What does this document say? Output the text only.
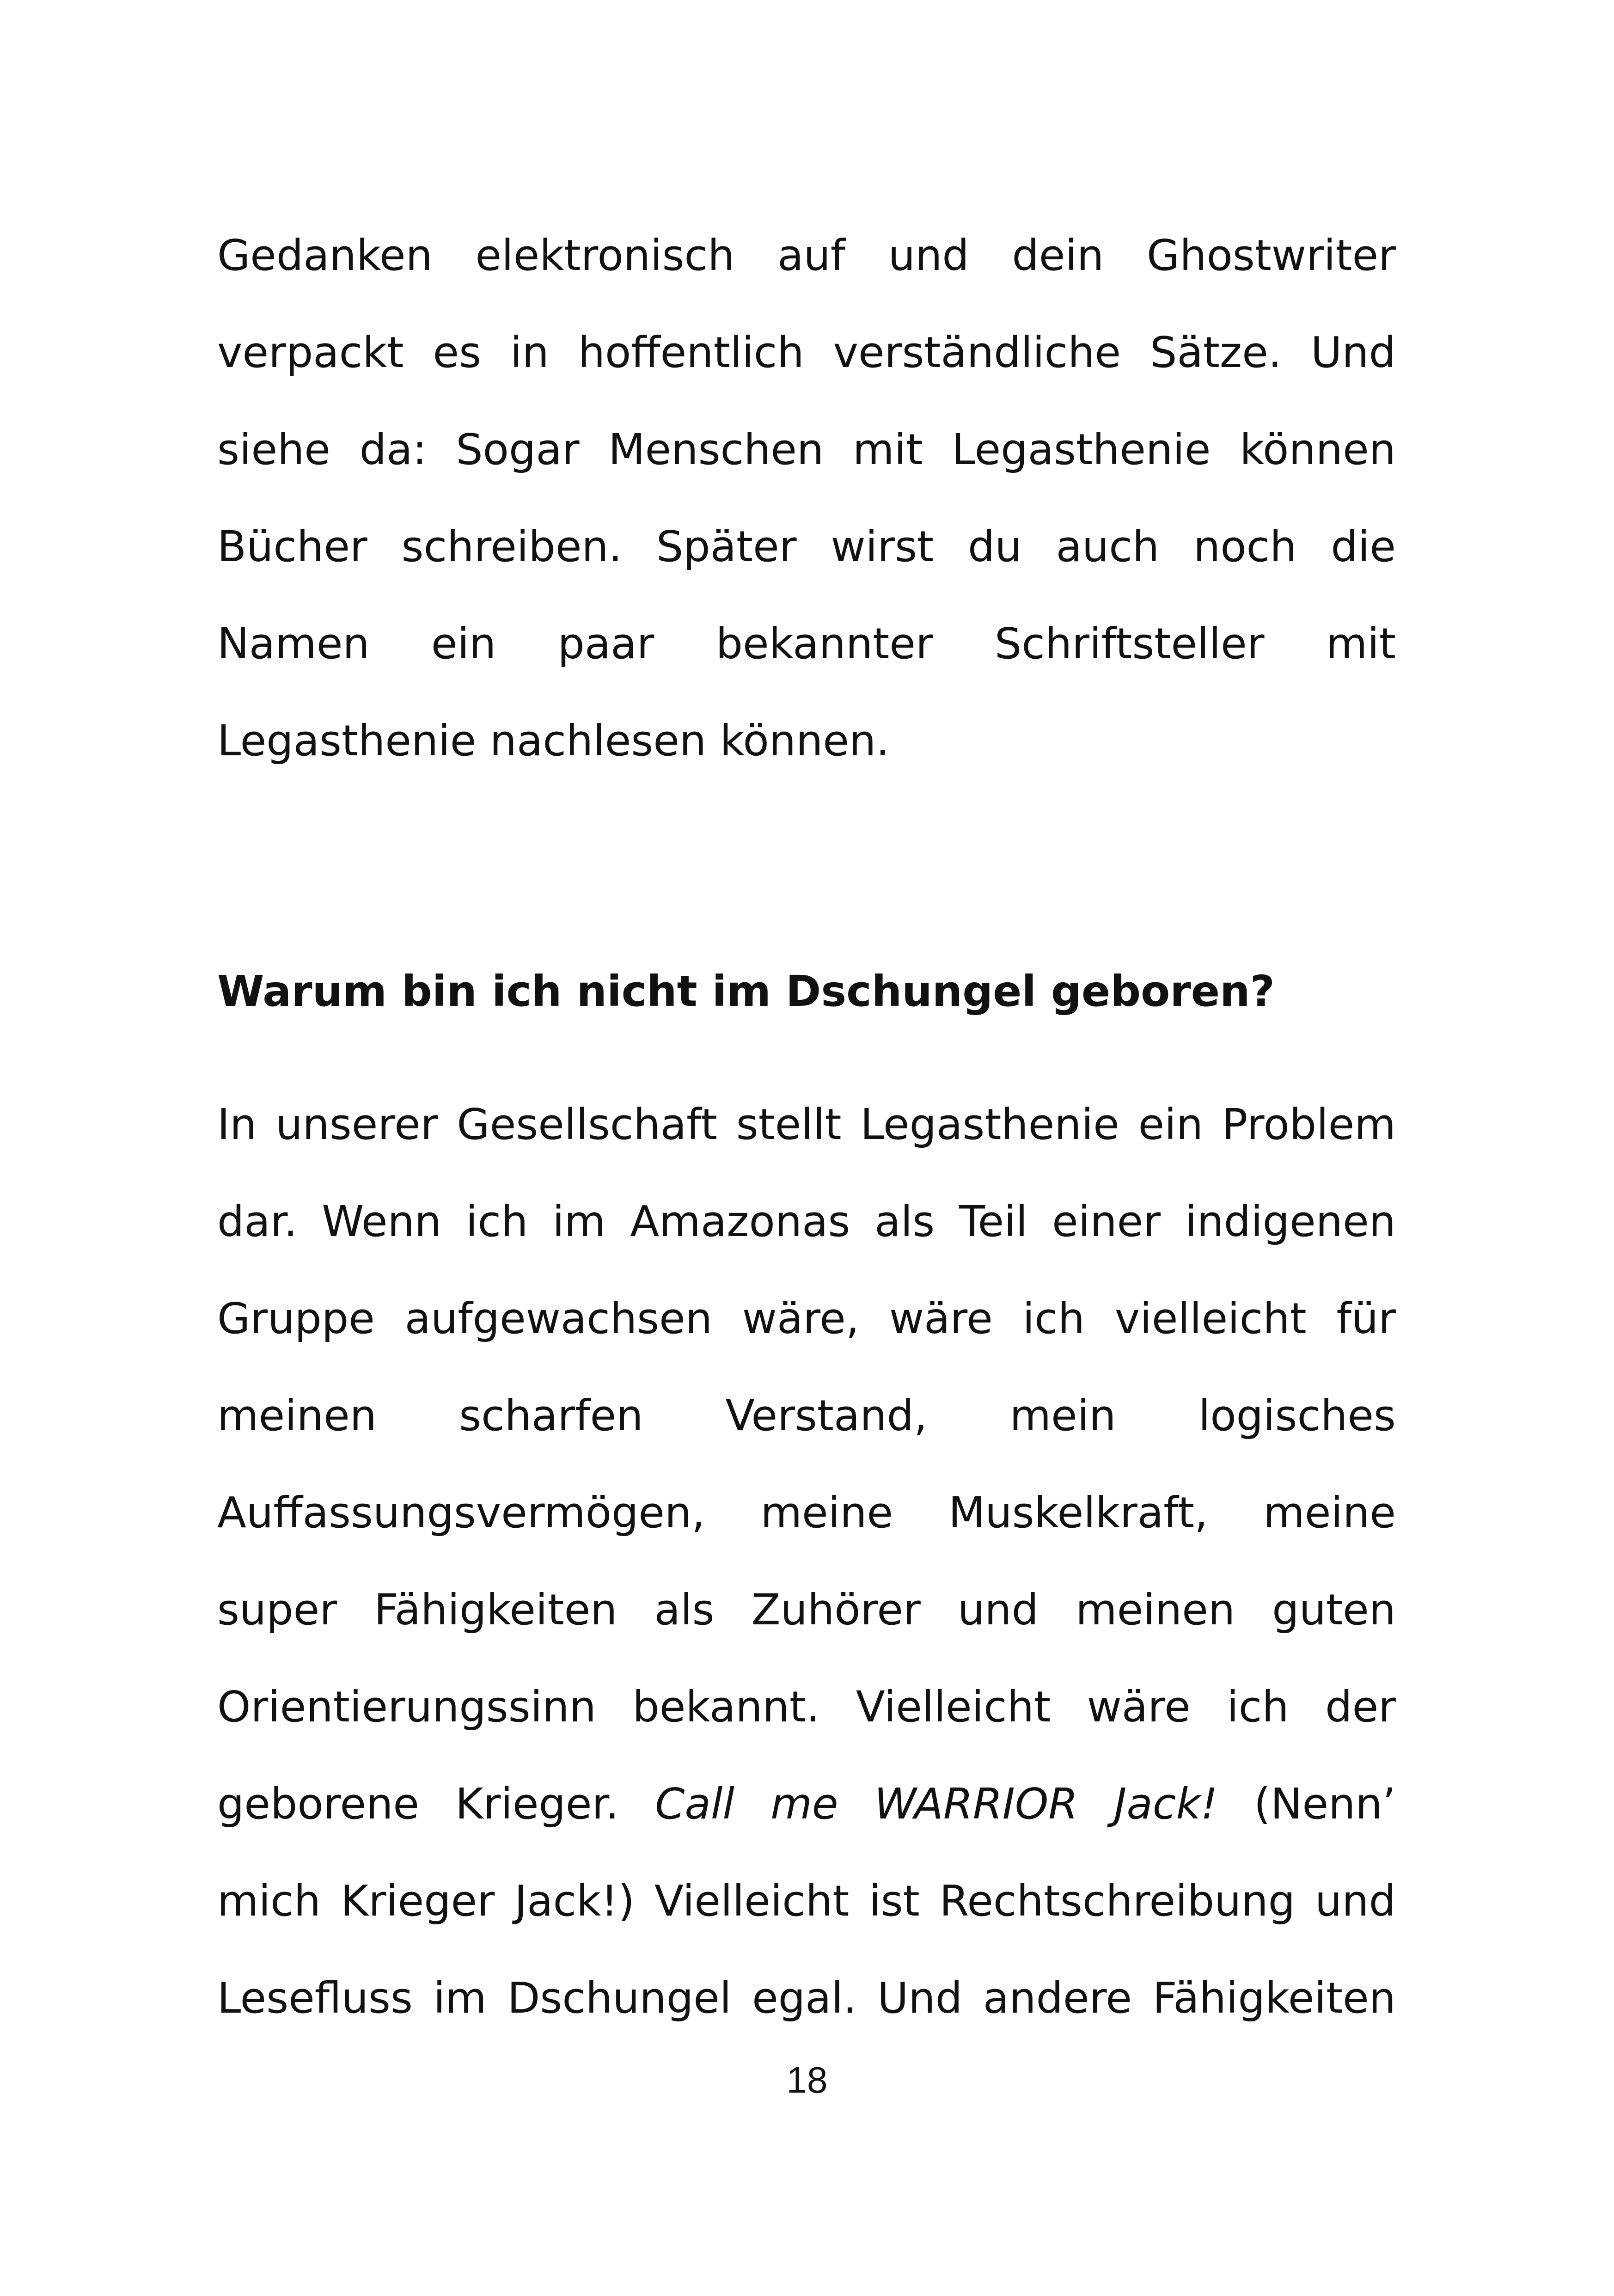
Gedanken elektronisch auf und dein Ghostwriter
verpackt es in hoffentlich verständliche Sätze. Und
siehe da: Sogar Menschen mit Legasthenie können
Bücher schreiben. Später wirst du auch noch die
Namen ein paar bekannter Schriftsteller mit
Legasthenie nachlesen können.
Warum bin ich nicht im Dschungel geboren?
In unserer Gesellschaft stellt Legasthenie ein Problem
dar. Wenn ich im Amazonas als Teil einer indigenen
Gruppe aufgewachsen wäre, wäre ich vielleicht für
meinen scharfen Verstand, mein logisches
Auffassungsvermögen, meine Muskelkraft, meine
super Fähigkeiten als Zuhörer und meinen guten
Orientierungssinn bekannt. Vielleicht wäre ich der
geborene Krieger. Call me WARRIOR Jack! (Nenn’
mich Krieger Jack!) Vielleicht ist Rechtschreibung und
Lesefluss im Dschungel egal. Und andere Fähigkeiten
18
